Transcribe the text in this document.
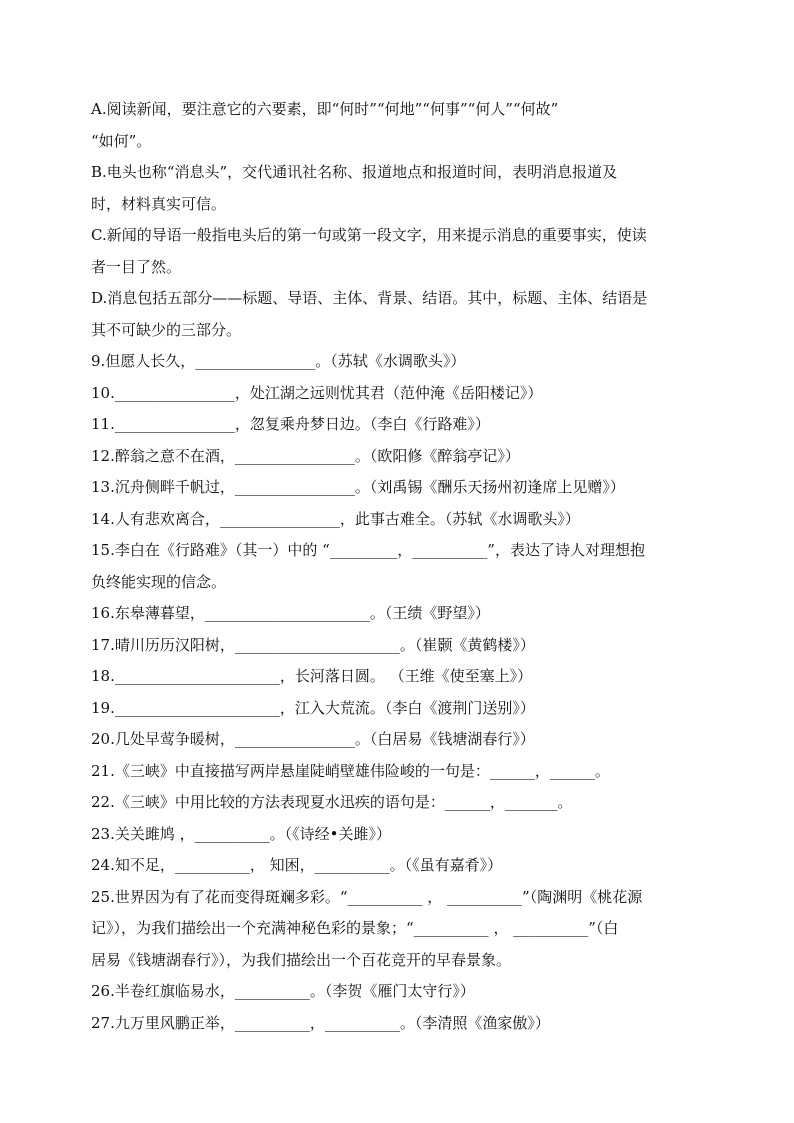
A.阅读新闻，要注意它的六要素，即“何时”“何地”“何事”“何人”“何故”
“如何”。
B.电头也称“消息头”，交代通讯社名称、报道地点和报道时间，表明消息报道及
时，材料真实可信。
C.新闻的导语一般指电头后的第一句或第一段文字，用来提示消息的重要事实，使读
者一目了然。
D.消息包括五部分——标题、导语、主体、背景、结语。其中，标题、主体、结语是
其不可缺少的三部分。
9.但愿人长久，________________。（苏轼《水调歌头》）
10.________________，处江湖之远则忧其君（范仲淹《岳阳楼记》）
11.________________，忽复乘舟梦日边。（李白《行路难》）
12.醉翁之意不在酒，________________。（欧阳修《醉翁亭记》）
13.沉舟侧畔千帆过，________________。（刘禹锡《酬乐天扬州初逢席上见赠》）
14.人有悲欢离合，________________，此事古难全。（苏轼《水调歌头》）
15.李白在《行路难》（其一）中的 “_________，__________”，表达了诗人对理想抱
负终能实现的信念。
16.东皋薄暮望，______________________。（王绩《野望》）
17.晴川历历汉阳树，______________________。（崔颢《黄鹤楼》）
18.______________________，长河落日圆。 （王维《使至塞上》）
19.______________________，江入大荒流。（李白《渡荆门送别》）
20.几处早莺争暖树，________________。（白居易《钱塘湖春行》）
21.《三峡》中直接描写两岸悬崖陡峭壁雄伟险峻的一句是：______，______。
22.《三峡》中用比较的方法表现夏水迅疾的语句是：______，_______。
23.关关雎鸠 ，__________。（《诗经•关雎》）
24.知不足，__________， 知困，__________。（《虽有嘉肴》）
25.世界因为有了花而变得斑斓多彩。“__________ ， __________”（陶渊明《桃花源
记》），为我们描绘出一个充满神秘色彩的景象；“__________ ， __________”（白
居易《钱塘湖春行》），为我们描绘出一个百花竞开的早春景象。
26.半卷红旗临易水，__________。（李贺《雁门太守行》）
27.九万里风鹏正举，__________，__________。（李清照《渔家傲》）
